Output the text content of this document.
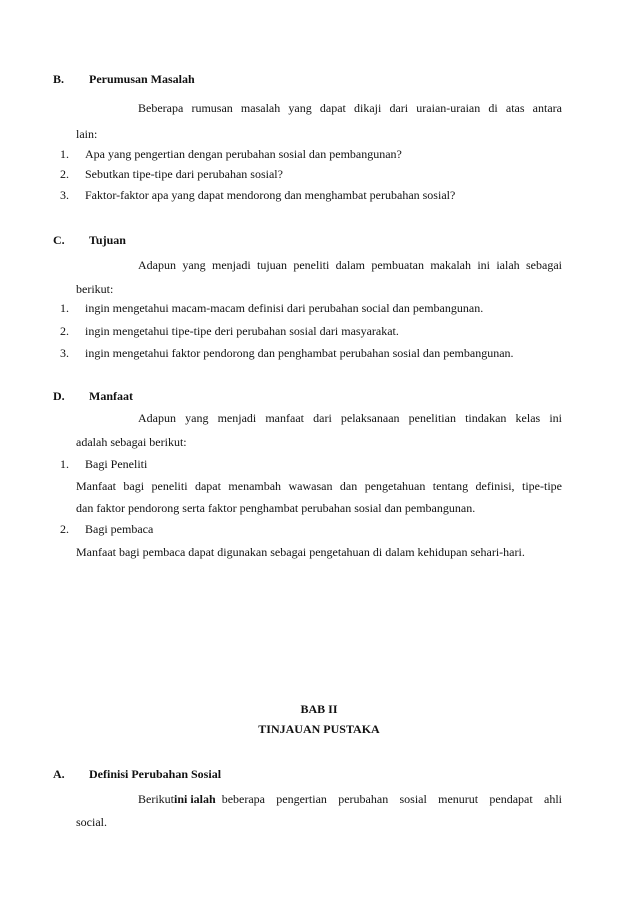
B. Perumusan Masalah
Beberapa rumusan masalah yang dapat dikaji dari uraian-uraian di atas antara
lain:
1. Apa yang pengertian dengan perubahan sosial dan pembangunan?
2. Sebutkan tipe-tipe dari perubahan sosial?
3. Faktor-faktor apa yang dapat mendorong dan menghambat perubahan sosial?
C. Tujuan
Adapun yang menjadi tujuan peneliti dalam pembuatan makalah ini ialah sebagai
berikut:
1. ingin mengetahui macam-macam definisi dari perubahan social dan pembangunan.
2. ingin mengetahui tipe-tipe deri perubahan sosial dari masyarakat.
3. ingin mengetahui faktor pendorong dan penghambat perubahan sosial dan pembangunan.
D. Manfaat
Adapun yang menjadi manfaat dari pelaksanaan penelitian tindakan kelas ini
adalah sebagai berikut:
1. Bagi Peneliti
Manfaat bagi peneliti dapat menambah wawasan dan pengetahuan tentang definisi, tipe-tipe
dan faktor pendorong serta faktor penghambat perubahan sosial dan pembangunan.
2. Bagi pembaca
Manfaat bagi pembaca dapat digunakan sebagai pengetahuan di dalam kehidupan sehari-hari.
BAB II
TINJAUAN PUSTAKA
A. Definisi Perubahan Sosial
Berikut ini ialah beberapa pengertian perubahan sosial menurut pendapat ahli
social.
